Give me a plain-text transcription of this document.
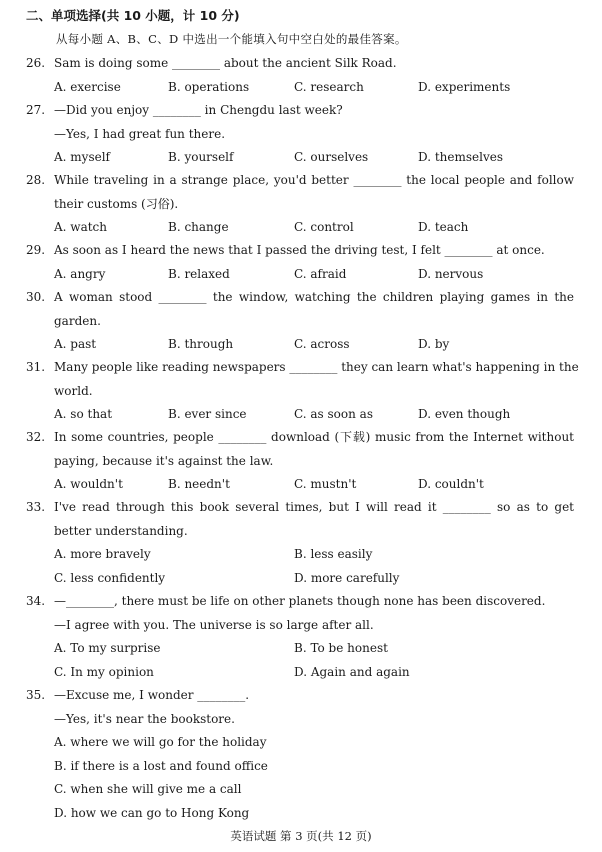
二、单项选择(共 10 小题，计 10 分)
从每小题 A、B、C、D 中选出一个能填入句中空白处的最佳答案。
26. Sam is doing some ________ about the ancient Silk Road.
A. exercise	B. operations	C. research	D. experiments
27. —Did you enjoy ________ in Chengdu last week?
—Yes, I had great fun there.
A. myself	B. yourself	C. ourselves	D. themselves
28. While traveling in a strange place, you'd better ________ the local people and follow
their customs (习俗).
A. watch	B. change	C. control	D. teach
29. As soon as I heard the news that I passed the driving test, I felt ________ at once.
A. angry	B. relaxed	C. afraid	D. nervous
30. A woman stood ________ the window, watching the children playing games in the
garden.
A. past	B. through	C. across	D. by
31. Many people like reading newspapers ________ they can learn what's happening in the
world.
A. so that	B. ever since	C. as soon as	D. even though
32. In some countries, people ________ download (下载) music from the Internet without
paying, because it's against the law.
A. wouldn't	B. needn't	C. mustn't	D. couldn't
33. I've read through this book several times, but I will read it ________ so as to get
better understanding.
A. more bravely	B. less easily
C. less confidently	D. more carefully
34. —________, there must be life on other planets though none has been discovered.
—I agree with you. The universe is so large after all.
A. To my surprise	B. To be honest
C. In my opinion	D. Again and again
35. —Excuse me, I wonder ________.
—Yes, it's near the bookstore.
A. where we will go for the holiday
B. if there is a lost and found office
C. when she will give me a call
D. how we can go to Hong Kong
英语试题 第 3 页(共 12 页)
